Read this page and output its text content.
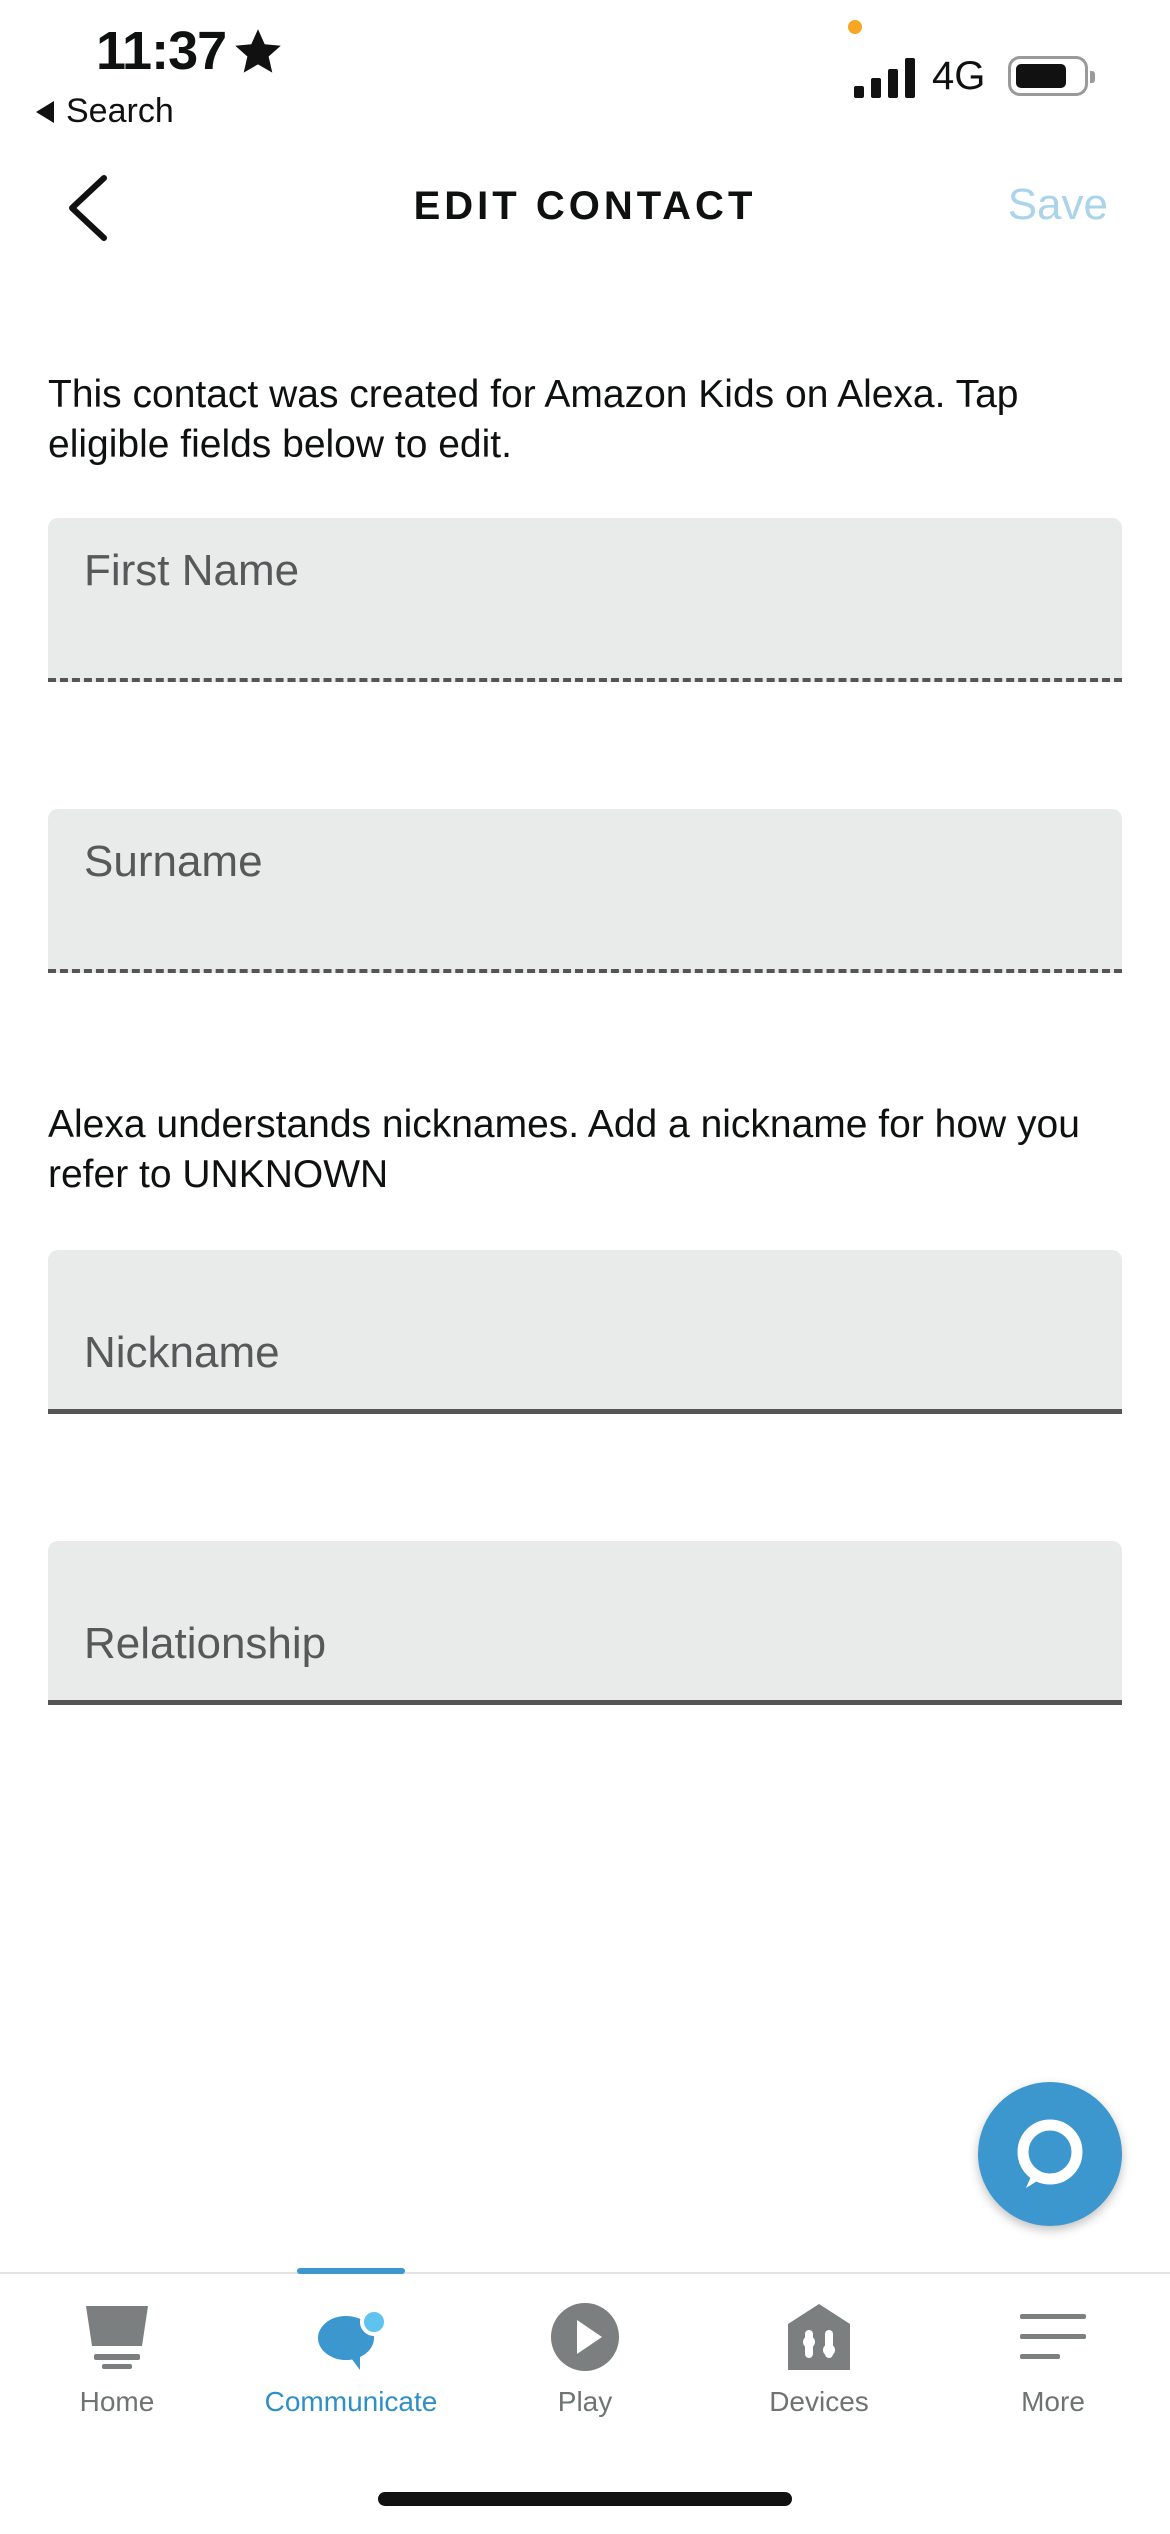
11:37
Search
4G
EDIT CONTACT	Save
This contact was created for Amazon Kids on Alexa. Tap eligible fields below to edit.
First Name
Surname
Alexa understands nicknames. Add a nickname for how you refer to UNKNOWN
Nickname
Relationship
Home	Communicate	Play	Devices	More
